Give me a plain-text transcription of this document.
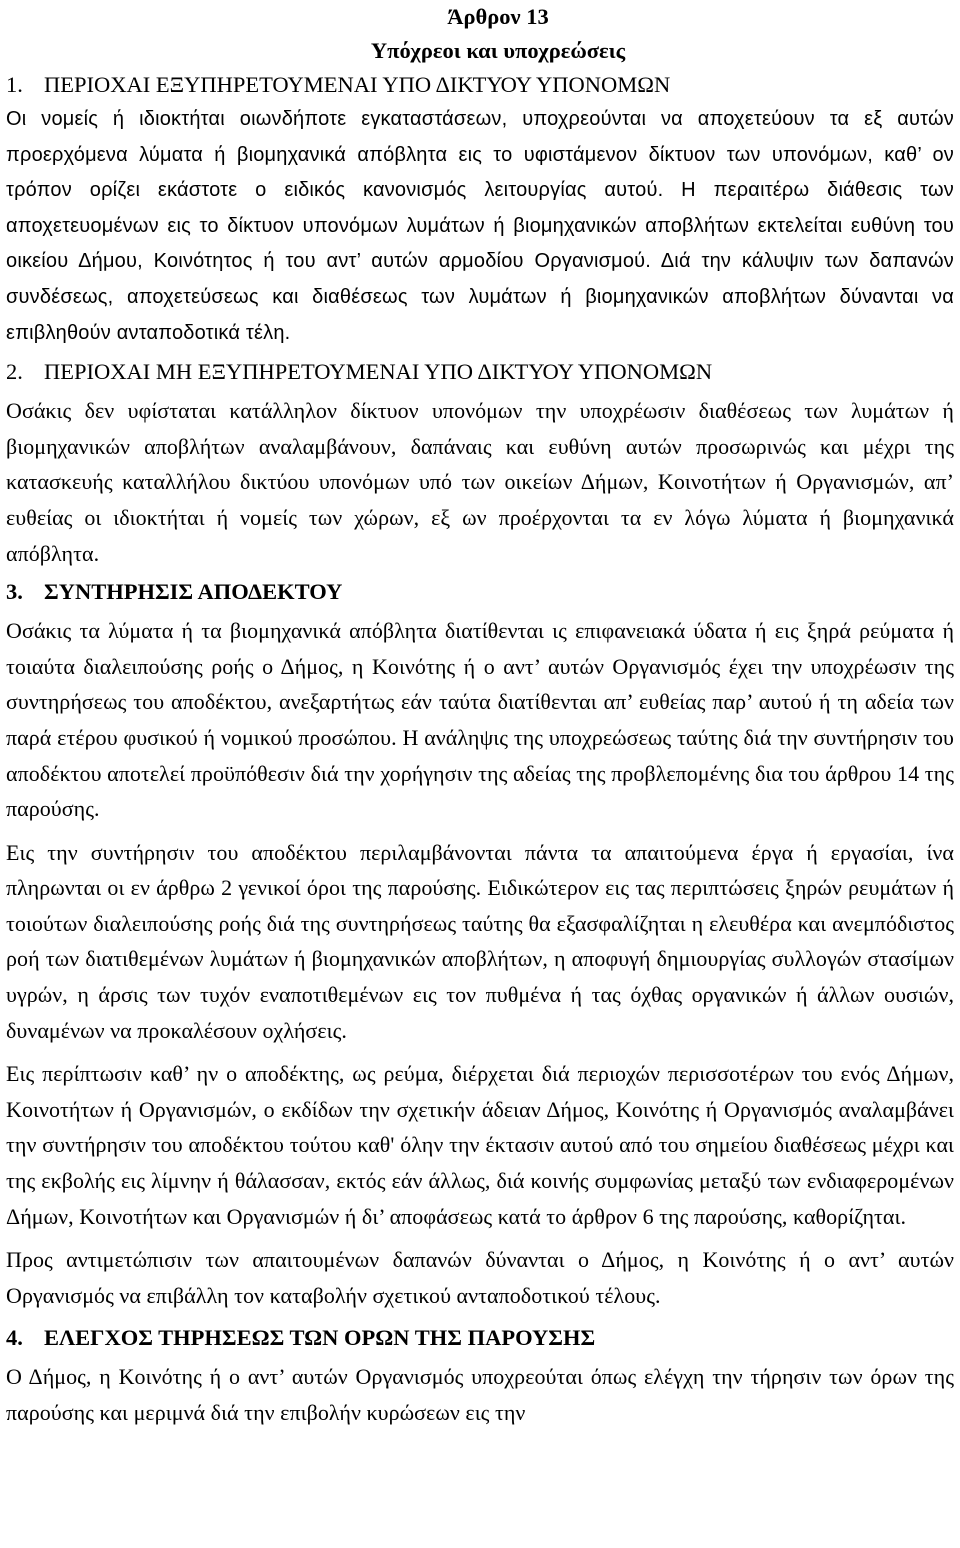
Άρθρον 13
Υπόχρεοι και υποχρεώσεις
1. ΠΕΡΙΟΧΑΙ ΕΞΥΠΗΡΕΤΟΥΜΕΝΑΙ ΥΠΟ ΔΙΚΤΥΟΥ ΥΠΟΝΟΜΩΝ

Οι νομείς ή ιδιοκτήται οιωνδήποτε εγκαταστάσεων, υποχρεούνται να αποχετεύουν τα εξ αυτών προερχόμενα λύματα ή βιομηχανικά απόβλητα εις το υφιστάμενον δίκτυον των υπονόμων, καθ’ ον τρόπον ορίζει εκάστοτε ο ειδικός κανονισμός λειτουργίας αυτού. Η περαιτέρω διάθεσις των αποχετευομένων εις το δίκτυον υπονόμων λυμάτων ή βιομηχανικών αποβλήτων εκτελείται ευθύνη του οικείου Δήμου, Κοινότητος ή του αντ’ αυτών αρμοδίου Οργανισμού. Διά την κάλυψιν των δαπανών συνδέσεως, αποχετεύσεως και διαθέσεως των λυμάτων ή βιομηχανικών αποβλήτων δύνανται να επιβληθούν ανταποδοτικά τέλη.

2. ΠΕΡΙΟΧΑΙ ΜΗ ΕΞΥΠΗΡΕΤΟΥΜΕΝΑΙ ΥΠΟ ΔΙΚΤΥΟΥ ΥΠΟΝΟΜΩΝ

Οσάκις δεν υφίσταται κατάλληλον δίκτυον υπονόμων την υποχρέωσιν διαθέσεως των λυμάτων ή βιομηχανικών αποβλήτων αναλαμβάνουν, δαπάναις και ευθύνη αυτών προσωρινώς και μέχρι της κατασκευής καταλλήλου δικτύου υπονόμων υπό των οικείων Δήμων, Κοινοτήτων ή Οργανισμών, απ’ ευθείας οι ιδιοκτήται ή νομείς των χώρων, εξ ων προέρχονται τα εν λόγω λύματα ή βιομηχανικά απόβλητα.

3. ΣΥΝΤΗΡΗΣΙΣ ΑΠΟΔΕΚΤΟΥ

Οσάκις τα λύματα ή τα βιομηχανικά απόβλητα διατίθενται ις επιφανειακά ύδατα ή εις ξηρά ρεύματα ή τοιαύτα διαλειπούσης ροής ο Δήμος, η Κοινότης ή ο αντ’ αυτών Οργανισμός έχει την υποχρέωσιν της συντηρήσεως του αποδέκτου, ανεξαρτήτως εάν ταύτα διατίθενται απ’ ευθείας παρ’ αυτού ή τη αδεία των παρά ετέρου φυσικού ή νομικού προσώπου. Η ανάληψις της υποχρεώσεως ταύτης διά την συντήρησιν του αποδέκτου αποτελεί προϋπόθεσιν διά την χορήγησιν της αδείας της προβλεπομένης δια του άρθρου 14 της παρούσης.

Εις την συντήρησιν του αποδέκτου περιλαμβάνονται πάντα τα απαιτούμενα έργα ή εργασίαι, ίνα πληρωνται οι εν άρθρω 2 γενικοί όροι της παρούσης. Ειδικώτερον εις τας περιπτώσεις ξηρών ρευμάτων ή τοιούτων διαλειπούσης ροής διά της συντηρήσεως ταύτης θα εξασφαλίζηται η ελευθέρα και ανεμπόδιστος ροή των διατιθεμένων λυμάτων ή βιομηχανικών αποβλήτων, η αποφυγή δημιουργίας συλλογών στασίμων υγρών, η άρσις των τυχόν εναποτιθεμένων εις τον πυθμένα ή τας όχθας οργανικών ή άλλων ουσιών, δυναμένων να προκαλέσουν οχλήσεις.

Εις περίπτωσιν καθ’ ην ο αποδέκτης, ως ρεύμα, διέρχεται διά περιοχών περισσοτέρων του ενός Δήμων, Κοινοτήτων ή Οργανισμών, ο εκδίδων την σχετικήν άδειαν Δήμος, Κοινότης ή Οργανισμός αναλαμβάνει την συντήρησιν του αποδέκτου τούτου καθ' όλην την έκτασιν αυτού από του σημείου διαθέσεως μέχρι και της εκβολής εις λίμνην ή θάλασσαν, εκτός εάν άλλως, διά κοινής συμφωνίας μεταξύ των ενδιαφερομένων Δήμων, Κοινοτήτων και Οργανισμών ή δι’ αποφάσεως κατά το άρθρον 6 της παρούσης, καθορίζηται.

Προς αντιμετώπισιν των απαιτουμένων δαπανών δύνανται ο Δήμος, η Κοινότης ή ο αντ’ αυτών Οργανισμός να επιβάλλη τον καταβολήν σχετικού ανταποδοτικού τέλους.

4. ΕΛΕΓΧΟΣ ΤΗΡΗΣΕΩΣ ΤΩΝ ΟΡΩΝ ΤΗΣ ΠΑΡΟΥΣΗΣ

Ο Δήμος, η Κοινότης ή ο αντ’ αυτών Οργανισμός υποχρεούται όπως ελέγχη την τήρησιν των όρων της παρούσης και μεριμνά διά την επιβολήν κυρώσεων εις την
